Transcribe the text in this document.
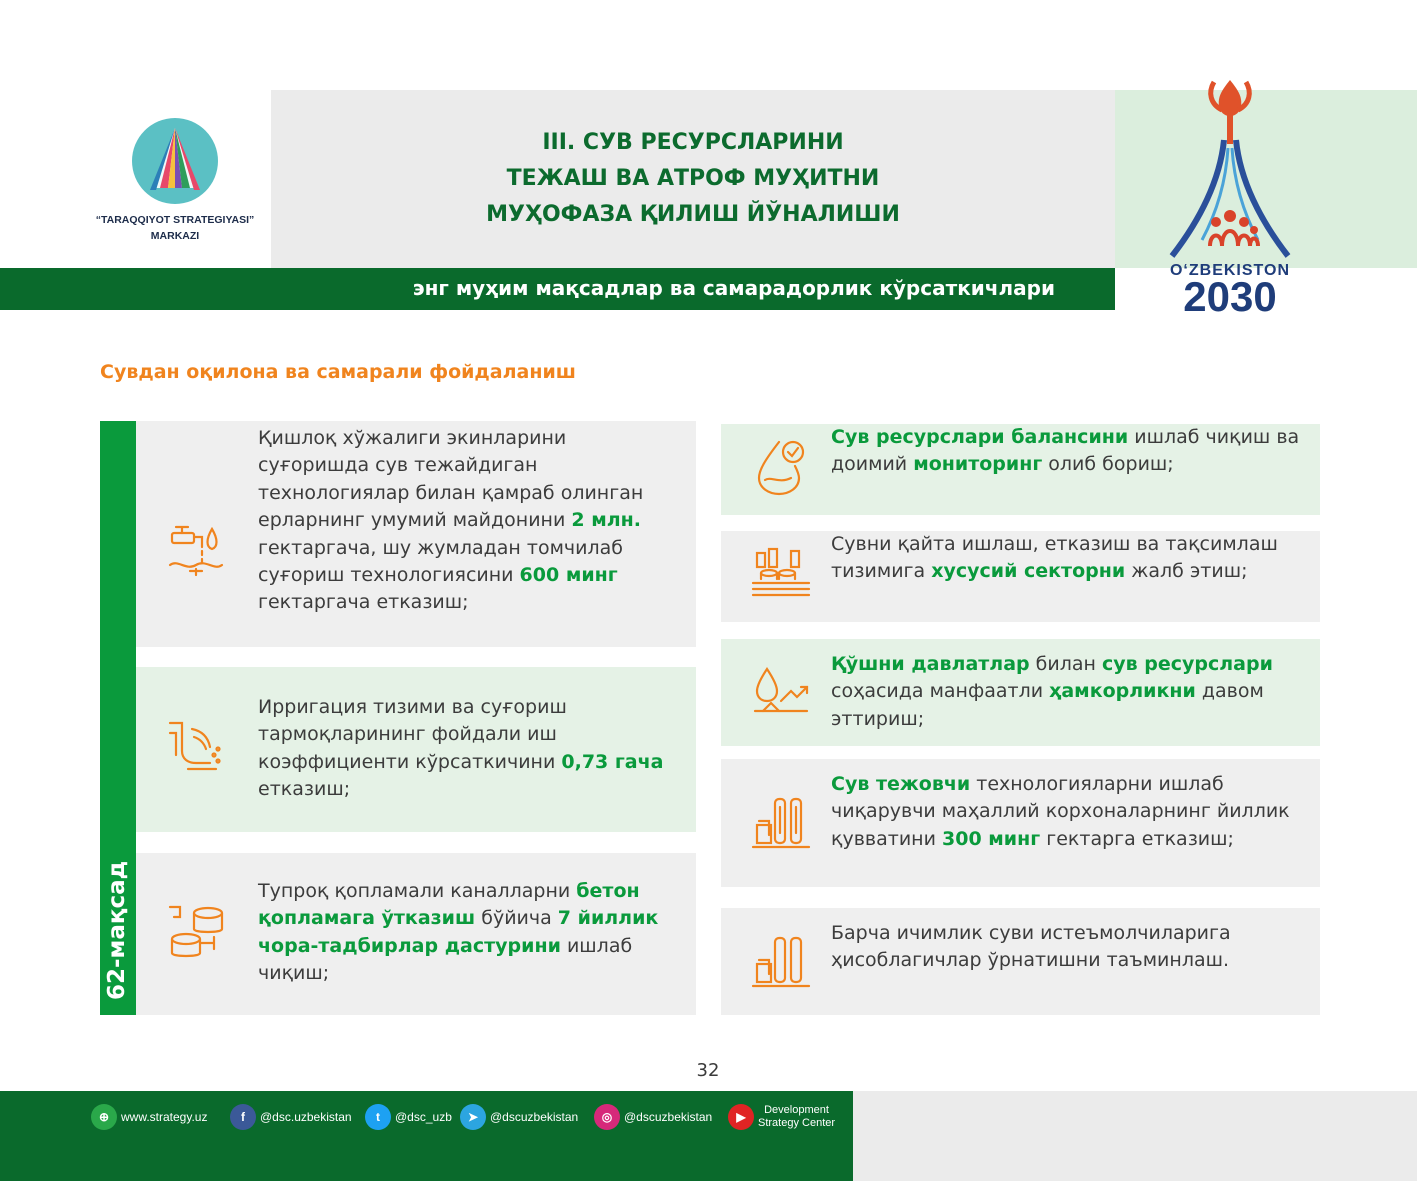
“TARAQQIYOT STRATEGIYASI”
MARKAZI
III. СУВ РЕСУРСЛАРИНИ
ТЕЖАШ ВА АТРОФ МУҲИТНИ
МУҲОФАЗА ҚИЛИШ ЙЎНАЛИШИ
энг муҳим мақсадлар ва самарадорлик кўрсаткичлари
OʻZBEKISTON
2030
Сувдан оқилона ва самарали фойдаланиш
62-мақсад
Қишлоқ хўжалиги экинларини суғоришда сув тежайдиган технологиялар билан қамраб олинган ерларнинг умумий майдонини 2 млн. гектаргача, шу жумладан томчилаб суғориш технологиясини 600 минг гектаргача етказиш;
Ирригация тизими ва суғориш тармоқларининг фойдали иш коэффициенти кўрсаткичини 0,73 гача етказиш;
Тупроқ қопламали каналларни бетон қопламага ўтказиш бўйича 7 йиллик чора-тадбирлар дастурини ишлаб чиқиш;
Сув ресурслари балансини ишлаб чиқиш ва доимий мониторинг олиб бориш;
Сувни қайта ишлаш, етказиш ва тақсимлаш тизимига хусусий секторни жалб этиш;
Қўшни давлатлар билан сув ресурслари соҳасида манфаатли ҳамкорликни давом эттириш;
Сув тежовчи технологияларни ишлаб чиқарувчи маҳаллий корхоналарнинг йиллик қувватини 300 минг гектарга етказиш;
Барча ичимлик суви истеъмолчиларига ҳисоблагичлар ўрнатишни таъминлаш.
32
⊕ www.strategy.uz	f	@dsc.uzbekistan	t	@dsc_uzb	➤ @dscuzbekistan	◎ @dscuzbekistan	▶	Development
Strategy Center
